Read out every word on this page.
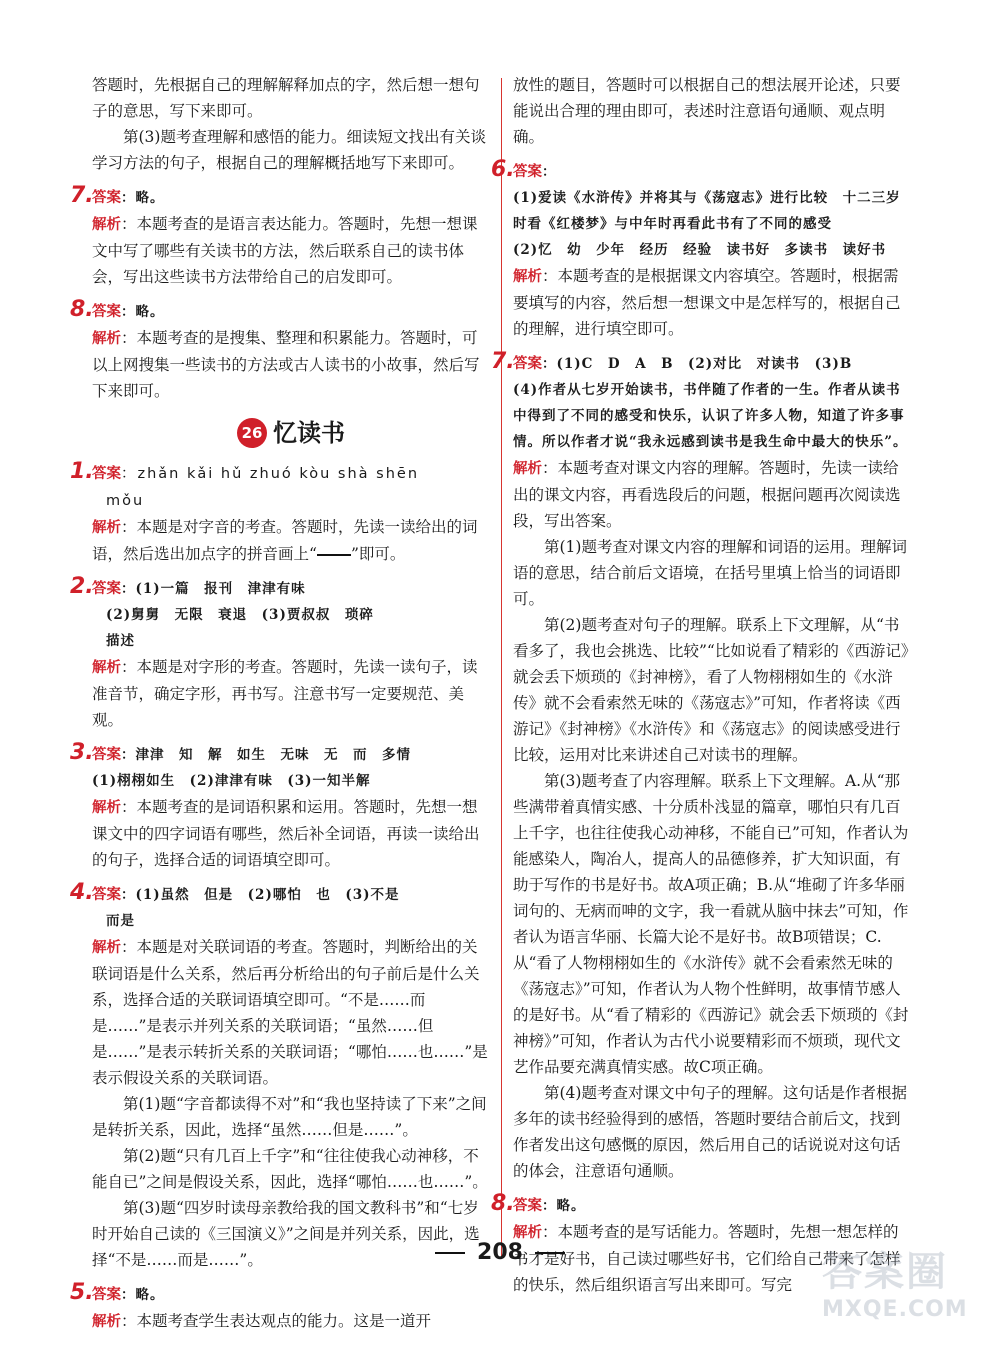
答题时，先根据自己的理解解释加点的字，然后想一想句子的意思，写下来即可。

第(3)题考查理解和感悟的能力。细读短文找出有关谈学习方法的句子，根据自己的理解概括地写下来即可。

7.

答案：略。

解析：本题考查的是语言表达能力。答题时，先想一想课文中写了哪些有关读书的方法，然后联系自己的读书体会，写出这些读书方法带给自己的启发即可。

8.

答案：略。

解析：本题考查的是搜集、整理和积累能力。答题时，可以上网搜集一些读书的方法或古人读书的小故事，然后写下来即可。

26 忆读书
1.

答案：zhǎn kǎi hǔ zhuó kòu shà shēn

mǒu

解析：本题是对字音的考查。答题时，先读一读给出的词语，然后选出加点字的拼音画上“ ”即可。

2.

答案：(1)一篇　报刊　津津有味

(2)舅舅　无限　衰退　(3)贾叔叔　琐碎

描述

解析：本题是对字形的考查。答题时，先读一读句子，读准音节，确定字形，再书写。注意书写一定要规范、美观。

3.

答案：津津　知　解　如生　无味　无　而　多情

(1)栩栩如生　(2)津津有味　(3)一知半解

解析：本题考查的是词语积累和运用。答题时，先想一想课文中的四字词语有哪些，然后补全词语，再读一读给出的句子，选择合适的词语填空即可。

4.

答案：(1)虽然　但是　(2)哪怕　也　(3)不是

而是

解析：本题是对关联词语的考查。答题时，判断给出的关联词语是什么关系，然后再分析给出的句子前后是什么关系，选择合适的关联词语填空即可。“不是……而是……”是表示并列关系的关联词语；“虽然……但是……”是表示转折关系的关联词语；“哪怕……也……”是表示假设关系的关联词语。

第(1)题“字音都读得不对”和“我也坚持读了下来”之间是转折关系，因此，选择“虽然……但是……”。

第(2)题“只有几百上千字”和“往往使我心动神移，不能自已”之间是假设关系，因此，选择“哪怕……也……”。

第(3)题“四岁时读母亲教给我的国文教科书”和“七岁时开始自己读的《三国演义》”之间是并列关系，因此，选择“不是……而是……”。

5.

答案：略。

解析：本题考查学生表达观点的能力。这是一道开

放性的题目，答题时可以根据自己的想法展开论述，只要能说出合理的理由即可，表述时注意语句通顺、观点明确。

6.

答案：

(1)爱读《水浒传》并将其与《荡寇志》进行比较　十二三岁时看《红楼梦》与中年时再看此书有了不同的感受

(2)忆　幼　少年　经历　经验　读书好　多读书　读好书

解析：本题考查的是根据课文内容填空。答题时，根据需要填写的内容，然后想一想课文中是怎样写的，根据自己的理解，进行填空即可。

7.

答案：(1)C　D　A　B　(2)对比　对读书　(3)B

(4)作者从七岁开始读书，书伴随了作者的一生。作者从读书中得到了不同的感受和快乐，认识了许多人物，知道了许多事情。所以作者才说“我永远感到读书是我生命中最大的快乐”。

解析：本题考查对课文内容的理解。答题时，先读一读给出的课文内容，再看选段后的问题，根据问题再次阅读选段，写出答案。

第(1)题考查对课文内容的理解和词语的运用。理解词语的意思，结合前后文语境，在括号里填上恰当的词语即可。

第(2)题考查对句子的理解。联系上下文理解，从“书看多了，我也会挑选、比较”“比如说看了精彩的《西游记》就会丢下烦琐的《封神榜》，看了人物栩栩如生的《水浒传》就不会看索然无味的《荡寇志》”可知，作者将读《西游记》《封神榜》《水浒传》和《荡寇志》的阅读感受进行比较，运用对比来讲述自己对读书的理解。

第(3)题考查了内容理解。联系上下文理解。A.从“那些满带着真情实感、十分质朴浅显的篇章，哪怕只有几百上千字，也往往使我心动神移，不能自已”可知，作者认为能感染人，陶冶人，提高人的品德修养，扩大知识面，有助于写作的书是好书。故A项正确；B.从“堆砌了许多华丽词句的、无病而呻的文字，我一看就从脑中抹去”可知，作者认为语言华丽、长篇大论不是好书。故B项错误；C.从“看了人物栩栩如生的《水浒传》就不会看索然无味的《荡寇志》”可知，作者认为人物个性鲜明，故事情节感人的是好书。从“看了精彩的《西游记》就会丢下烦琐的《封神榜》”可知，作者认为古代小说要精彩而不烦琐，现代文艺作品要充满真情实感。故C项正确。

第(4)题考查对课文中句子的理解。这句话是作者根据多年的读书经验得到的感悟，答题时要结合前后文，找到作者发出这句感慨的原因，然后用自己的话说说对这句话的体会，注意语句通顺。

8.

答案：略。

解析：本题考查的是写话能力。答题时，先想一想怎样的书才是好书，自己读过哪些好书，它们给自己带来了怎样的快乐，然后组织语言写出来即可。写完

208	答案圈
MXQE.COM
